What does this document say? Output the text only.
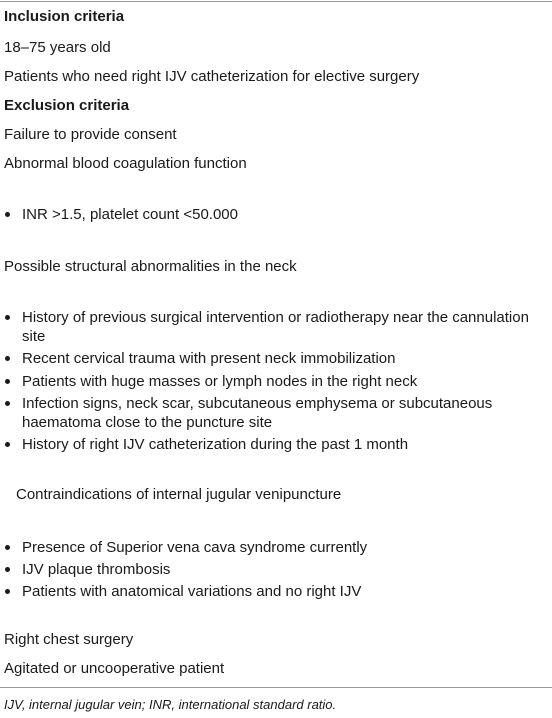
Inclusion criteria
18–75 years old
Patients who need right IJV catheterization for elective surgery
Exclusion criteria
Failure to provide consent
Abnormal blood coagulation function
INR >1.5, platelet count <50.000
Possible structural abnormalities in the neck
History of previous surgical intervention or radiotherapy near the cannulation site
Recent cervical trauma with present neck immobilization
Patients with huge masses or lymph nodes in the right neck
Infection signs, neck scar, subcutaneous emphysema or subcutaneous haematoma close to the puncture site
History of right IJV catheterization during the past 1 month
Contraindications of internal jugular venipuncture
Presence of Superior vena cava syndrome currently
IJV plaque thrombosis
Patients with anatomical variations and no right IJV
Right chest surgery
Agitated or uncooperative patient
IJV, internal jugular vein; INR, international standard ratio.
